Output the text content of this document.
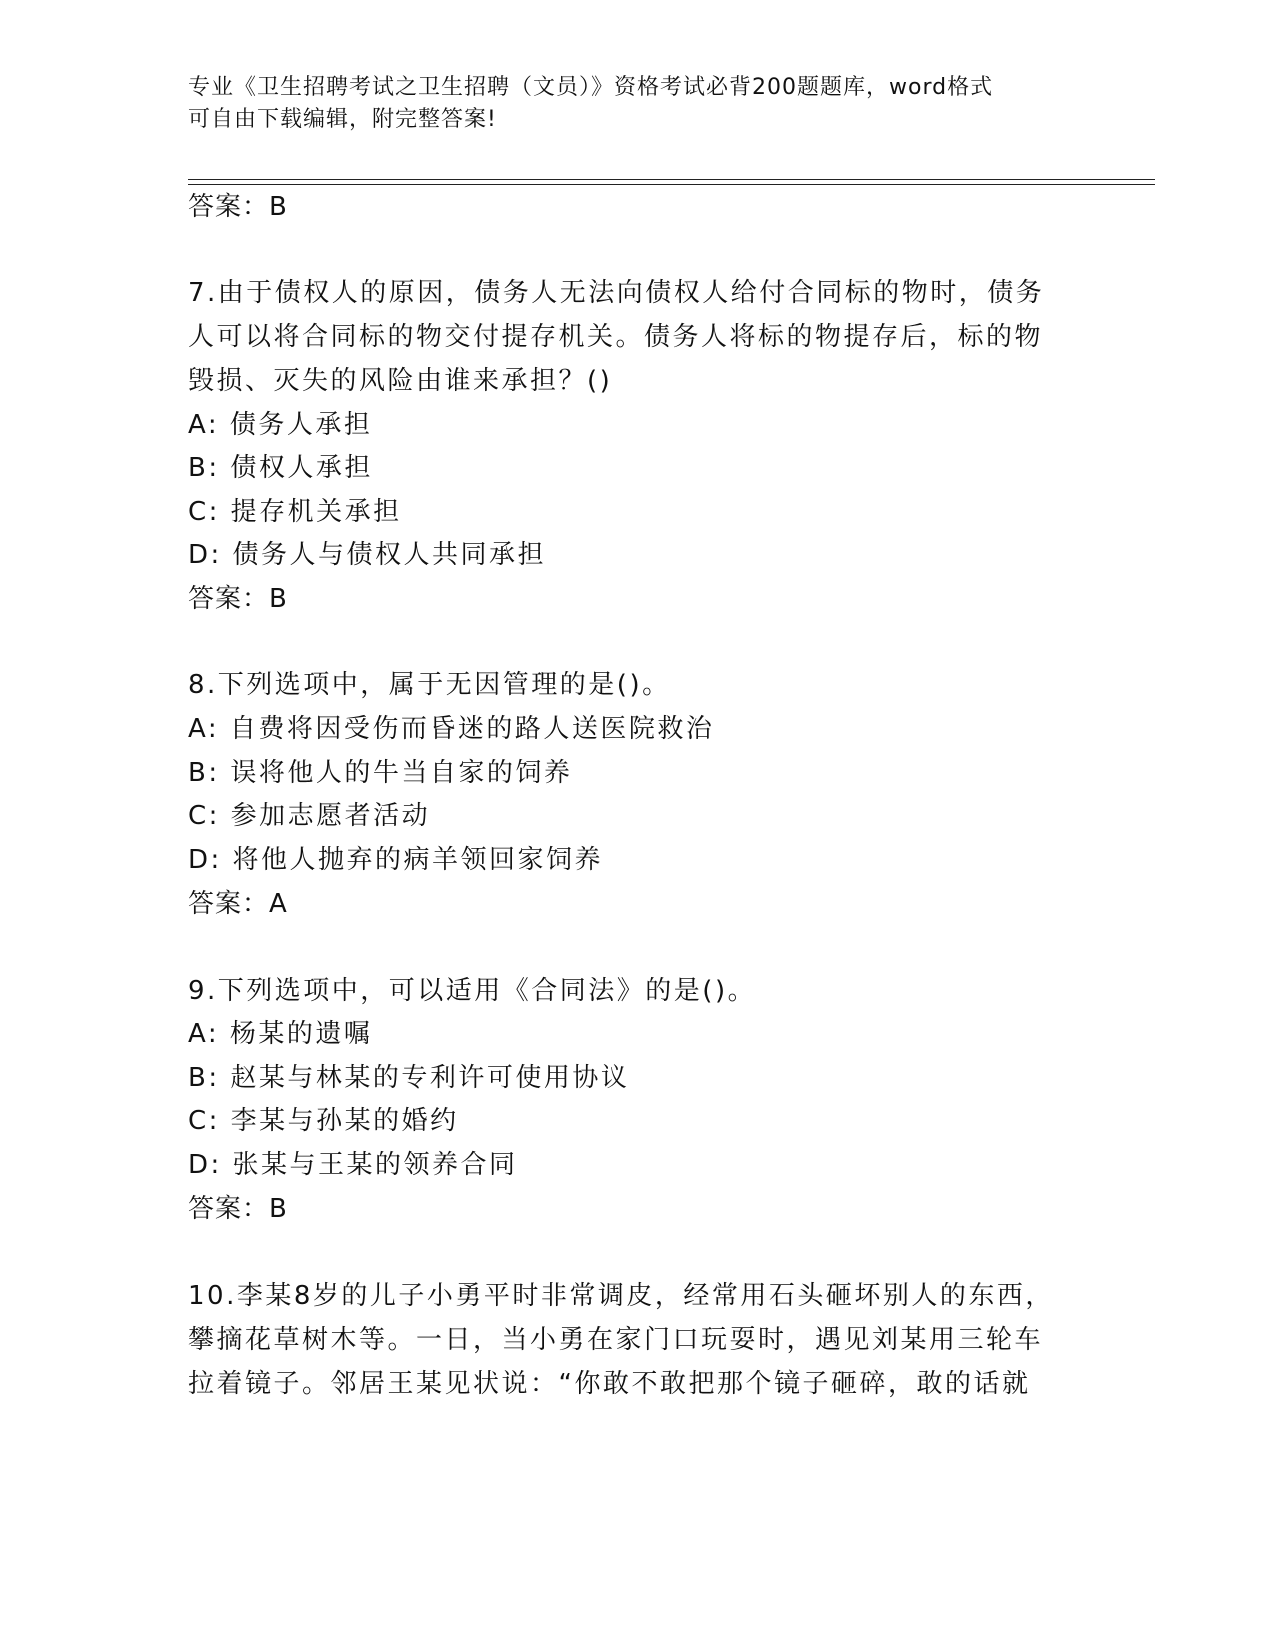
专业《卫生招聘考试之卫生招聘（文员）》资格考试必背200题题库，word格式
可自由下载编辑，附完整答案!
答案：B
7.由于债权人的原因，债务人无法向债权人给付合同标的物时，债务
人可以将合同标的物交付提存机关。债务人将标的物提存后，标的物
毁损、灭失的风险由谁来承担？()
A: 债务人承担
B: 债权人承担
C: 提存机关承担
D: 债务人与债权人共同承担
答案：B
8.下列选项中，属于无因管理的是()。
A: 自费将因受伤而昏迷的路人送医院救治
B: 误将他人的牛当自家的饲养
C: 参加志愿者活动
D: 将他人抛弃的病羊领回家饲养
答案：A
9.下列选项中，可以适用《合同法》的是()。
A: 杨某的遗嘱
B: 赵某与林某的专利许可使用协议
C: 李某与孙某的婚约
D: 张某与王某的领养合同
答案：B
10.李某8岁的儿子小勇平时非常调皮，经常用石头砸坏别人的东西，
攀摘花草树木等。一日，当小勇在家门口玩耍时，遇见刘某用三轮车
拉着镜子。邻居王某见状说：“你敢不敢把那个镜子砸碎，敢的话就
